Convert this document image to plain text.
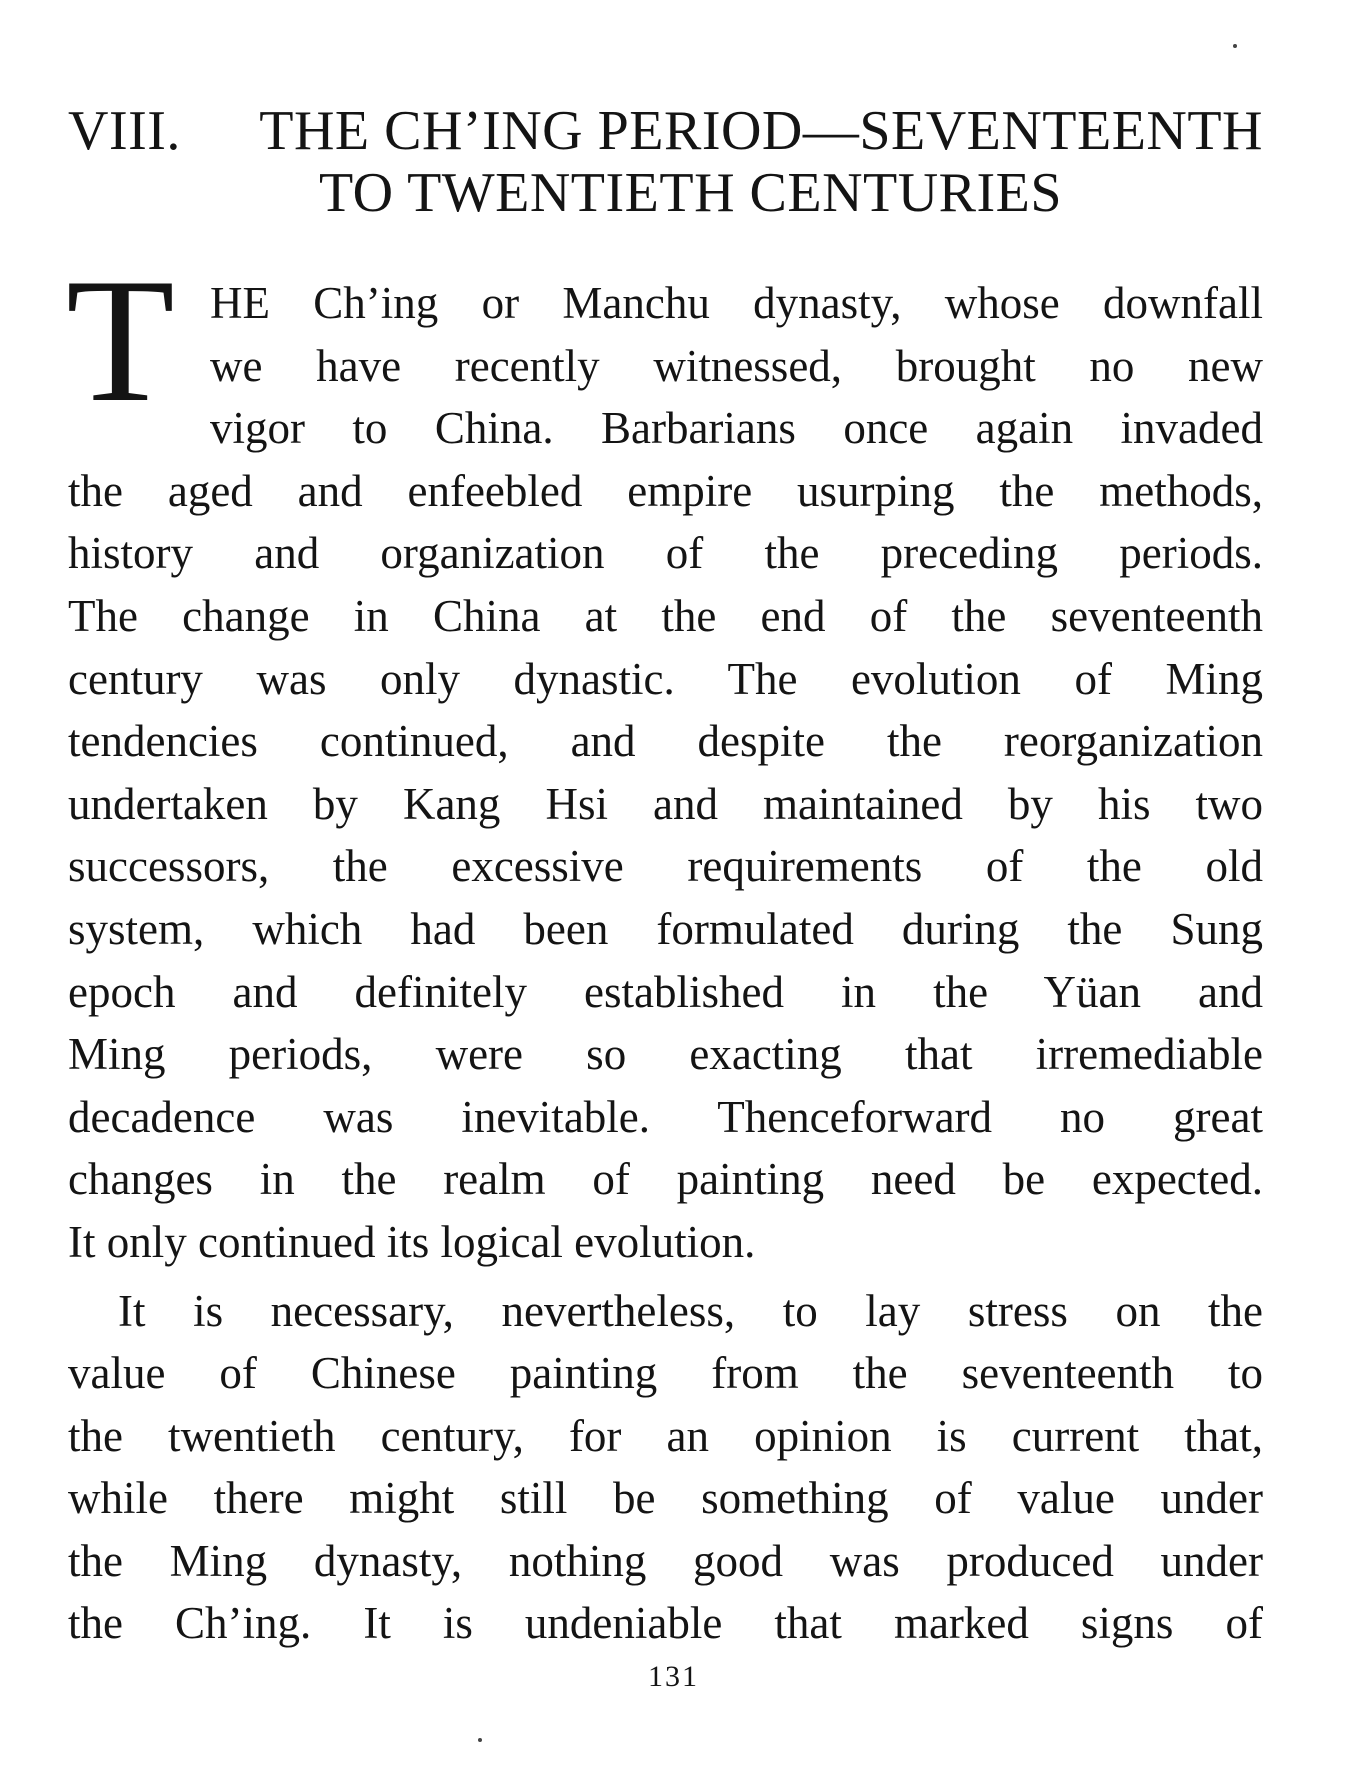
VIII. THE CH’ING PERIOD—SEVENTEENTH
TO TWENTIETH CENTURIES
T HE Ch’ing or Manchu dynasty, whose downfall
we have recently witnessed, brought no new
vigor to China. Barbarians once again invaded
the aged and enfeebled empire usurping the methods,
history and organization of the preceding periods.
The change in China at the end of the seventeenth
century was only dynastic. The evolution of Ming
tendencies continued, and despite the reorganization
undertaken by Kang Hsi and maintained by his two
successors, the excessive requirements of the old
system, which had been formulated during the Sung
epoch and definitely established in the Yüan and
Ming periods, were so exacting that irremediable
decadence was inevitable. Thenceforward no great
changes in the realm of painting need be expected.
It only continued its logical evolution.
It is necessary, nevertheless, to lay stress on the
value of Chinese painting from the seventeenth to
the twentieth century, for an opinion is current that,
while there might still be something of value under
the Ming dynasty, nothing good was produced under
the Ch’ing. It is undeniable that marked signs of
131
